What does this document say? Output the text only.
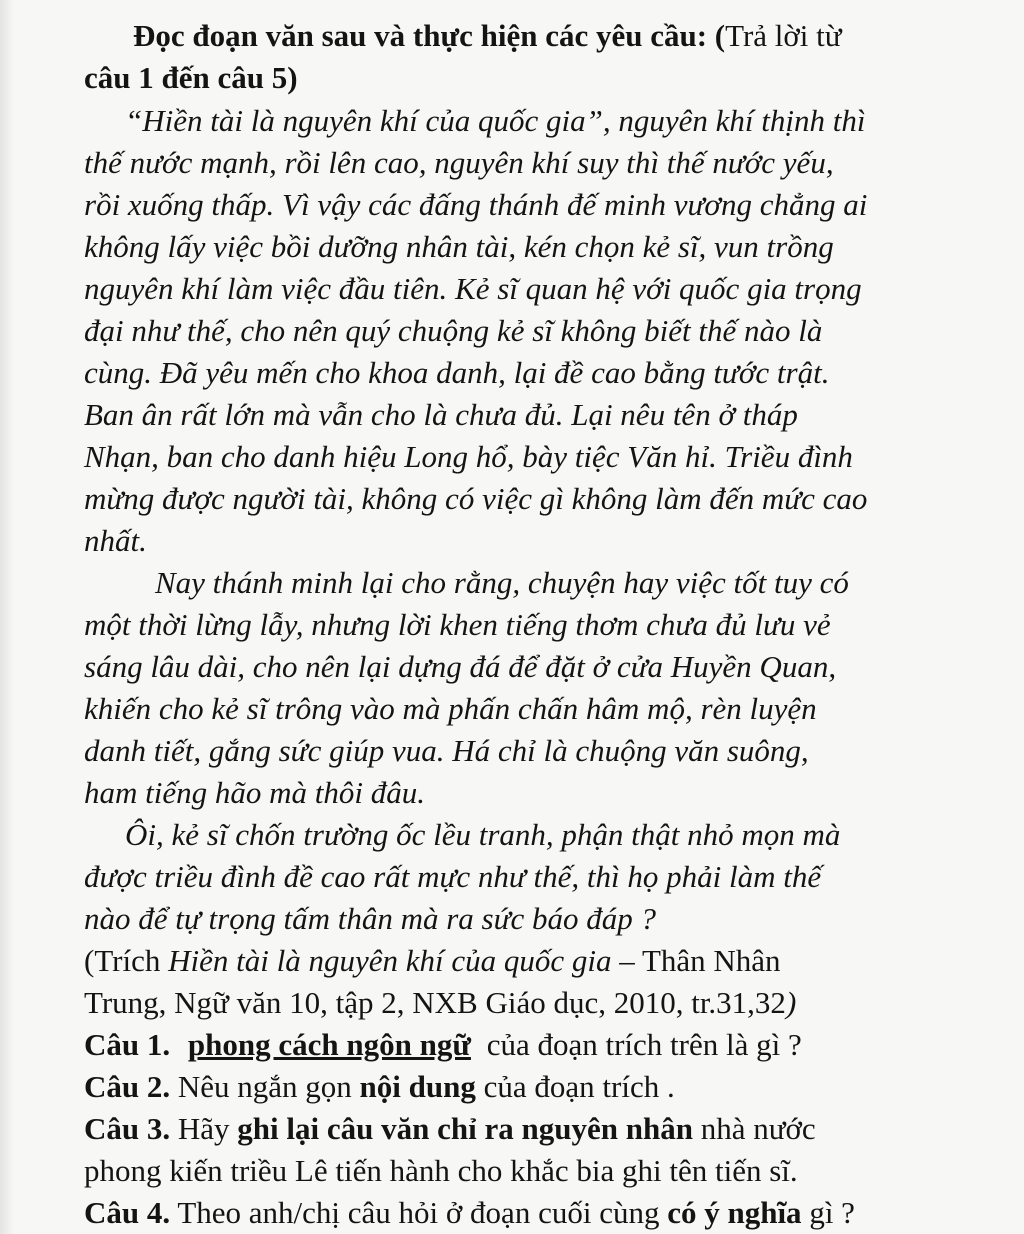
Đọc đoạn văn sau và thực hiện các yêu cầu: (Trả lời từ
câu 1 đến câu 5)
“Hiền tài là nguyên khí của quốc gia”, nguyên khí thịnh thì
thế nước mạnh, rồi lên cao, nguyên khí suy thì thế nước yếu,
rồi xuống thấp. Vì vậy các đấng thánh đế minh vương chẳng ai
không lấy việc bồi dưỡng nhân tài, kén chọn kẻ sĩ, vun trồng
nguyên khí làm việc đầu tiên. Kẻ sĩ quan hệ với quốc gia trọng
đại như thế, cho nên quý chuộng kẻ sĩ không biết thế nào là
cùng. Đã yêu mến cho khoa danh, lại đề cao bằng tước trật.
Ban ân rất lớn mà vẫn cho là chưa đủ. Lại nêu tên ở tháp
Nhạn, ban cho danh hiệu Long hổ, bày tiệc Văn hỉ. Triều đình
mừng được người tài, không có việc gì không làm đến mức cao
nhất.
Nay thánh minh lại cho rằng, chuyện hay việc tốt tuy có
một thời lừng lẫy, nhưng lời khen tiếng thơm chưa đủ lưu vẻ
sáng lâu dài, cho nên lại dựng đá để đặt ở cửa Huyền Quan,
khiến cho kẻ sĩ trông vào mà phấn chấn hâm mộ, rèn luyện
danh tiết, gắng sức giúp vua. Há chỉ là chuộng văn suông,
ham tiếng hão mà thôi đâu.
Ôi, kẻ sĩ chốn trường ốc lều tranh, phận thật nhỏ mọn mà
được triều đình đề cao rất mực như thế, thì họ phải làm thế
nào để tự trọng tấm thân mà ra sức báo đáp ?
(Trích Hiền tài là nguyên khí của quốc gia – Thân Nhân
Trung, Ngữ văn 10, tập 2, NXB Giáo dục, 2010, tr.31,32)
Câu 1. phong cách ngôn ngữ của đoạn trích trên là gì ?
Câu 2. Nêu ngắn gọn nội dung của đoạn trích .
Câu 3. Hãy ghi lại câu văn chỉ ra nguyên nhân nhà nước
phong kiến triều Lê tiến hành cho khắc bia ghi tên tiến sĩ.
Câu 4. Theo anh/chị câu hỏi ở đoạn cuối cùng có ý nghĩa gì ?
